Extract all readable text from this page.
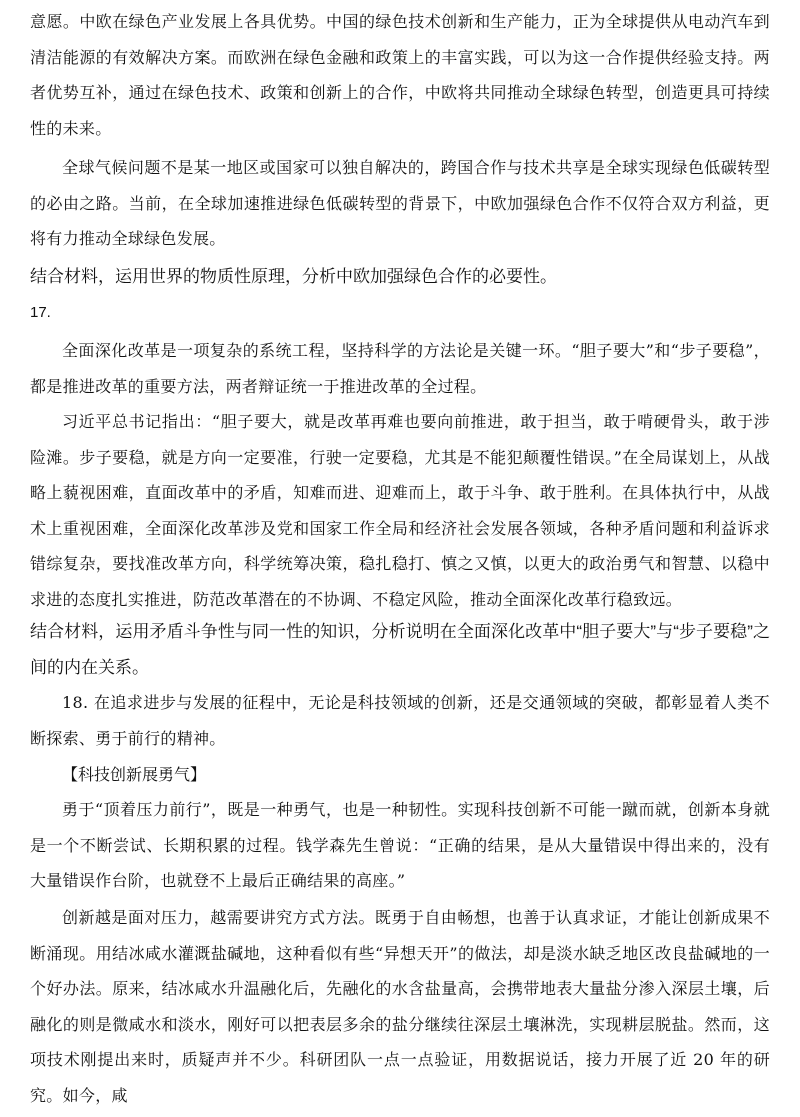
意愿。中欧在绿色产业发展上各具优势。中国的绿色技术创新和生产能力，正为全球提供从电动汽车到清洁能源的有效解决方案。而欧洲在绿色金融和政策上的丰富实践，可以为这一合作提供经验支持。两者优势互补，通过在绿色技术、政策和创新上的合作，中欧将共同推动全球绿色转型，创造更具可持续性的未来。

全球气候问题不是某一地区或国家可以独自解决的，跨国合作与技术共享是全球实现绿色低碳转型的必由之路。当前，在全球加速推进绿色低碳转型的背景下，中欧加强绿色合作不仅符合双方利益，更将有力推动全球绿色发展。

结合材料，运用世界的物质性原理，分析中欧加强绿色合作的必要性。

17.

全面深化改革是一项复杂的系统工程，坚持科学的方法论是关键一环。“胆子要大”和“步子要稳”，都是推进改革的重要方法，两者辩证统一于推进改革的全过程。

习近平总书记指出：“胆子要大，就是改革再难也要向前推进，敢于担当，敢于啃硬骨头，敢于涉险滩。步子要稳，就是方向一定要准，行驶一定要稳，尤其是不能犯颠覆性错误。”在全局谋划上，从战略上藐视困难，直面改革中的矛盾，知难而进、迎难而上，敢于斗争、敢于胜利。在具体执行中，从战术上重视困难，全面深化改革涉及党和国家工作全局和经济社会发展各领域，各种矛盾问题和利益诉求错综复杂，要找准改革方向，科学统筹决策，稳扎稳打、慎之又慎，以更大的政治勇气和智慧、以稳中求进的态度扎实推进，防范改革潜在的不协调、不稳定风险，推动全面深化改革行稳致远。

结合材料，运用矛盾斗争性与同一性的知识，分析说明在全面深化改革中“胆子要大”与“步子要稳”之间的内在关系。

18. 在追求进步与发展的征程中，无论是科技领域的创新，还是交通领域的突破，都彰显着人类不断探索、勇于前行的精神。

【科技创新展勇气】

勇于“顶着压力前行”，既是一种勇气，也是一种韧性。实现科技创新不可能一蹴而就，创新本身就是一个不断尝试、长期积累的过程。钱学森先生曾说：“正确的结果，是从大量错误中得出来的，没有大量错误作台阶，也就登不上最后正确结果的高座。”

创新越是面对压力，越需要讲究方式方法。既勇于自由畅想，也善于认真求证，才能让创新成果不断涌现。用结冰咸水灌溉盐碱地，这种看似有些“异想天开”的做法，却是淡水缺乏地区改良盐碱地的一个好办法。原来，结冰咸水升温融化后，先融化的水含盐量高，会携带地表大量盐分渗入深层土壤，后融化的则是微咸水和淡水，刚好可以把表层多余的盐分继续往深层土壤淋洗，实现耕层脱盐。然而，这项技术刚提出来时，质疑声并不少。科研团队一点一点验证，用数据说话，接力开展了近 20 年的研究。如今，咸
